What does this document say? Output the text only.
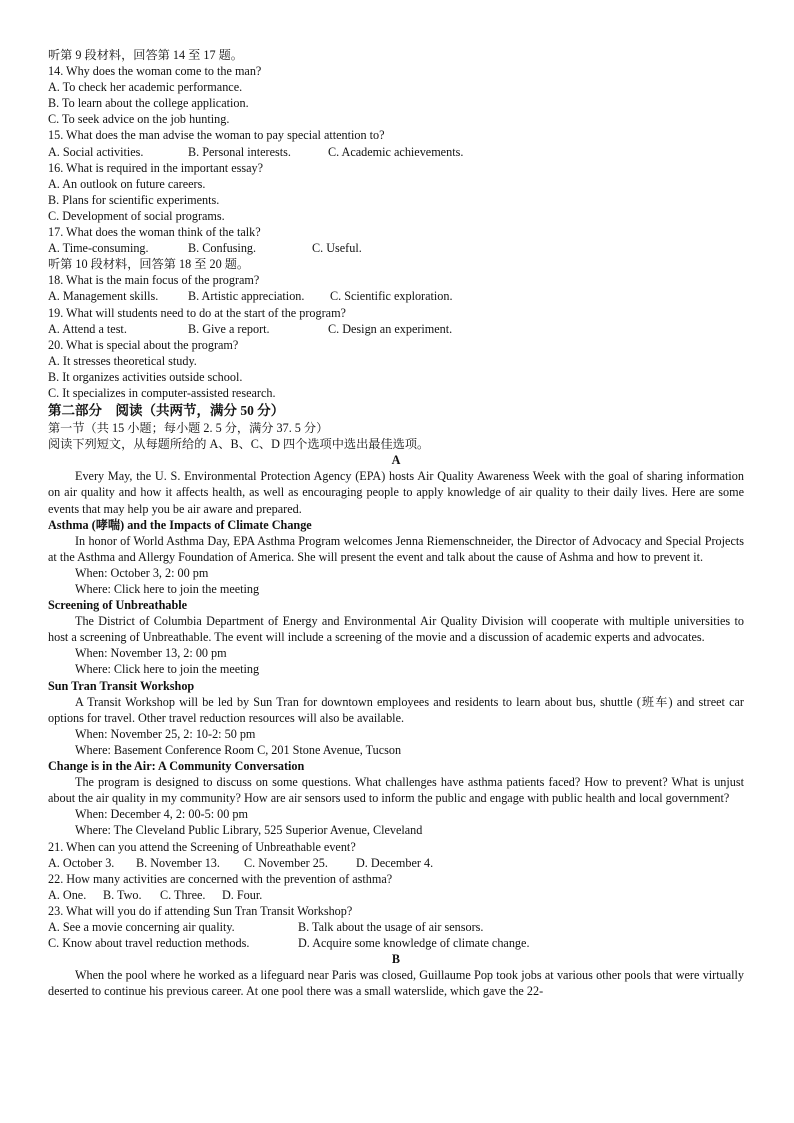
听第 9 段材料，回答第 14 至 17 题。
14. Why does the woman come to the man?
A. To check her academic performance.
B. To learn about the college application.
C. To seek advice on the job hunting.
15. What does the man advise the woman to pay special attention to?
A. Social activities.	B. Personal interests.	C. Academic achievements.
16. What is required in the important essay?
A. An outlook on future careers.
B. Plans for scientific experiments.
C. Development of social programs.
17. What does the woman think of the talk?
A. Time-consuming.	B. Confusing.	C. Useful.
听第 10 段材料，回答第 18 至 20 题。
18. What is the main focus of the program?
A. Management skills.	B. Artistic appreciation.	C. Scientific exploration.
19. What will students need to do at the start of the program?
A. Attend a test.	B. Give a report.	C. Design an experiment.
20. What is special about the program?
A. It stresses theoretical study.
B. It organizes activities outside school.
C. It specializes in computer-assisted research.
第二部分　阅读（共两节，满分 50 分）
第一节（共 15 小题；每小题 2. 5 分，满分 37. 5 分）
阅读下列短文，从每题所给的 A、B、C、D 四个选项中选出最佳选项。
A
Every May, the U. S. Environmental Protection Agency (EPA) hosts Air Quality Awareness Week with the goal of sharing information on air quality and how it affects health, as well as encouraging people to apply knowledge of air quality to their daily lives. Here are some events that may help you be air aware and prepared.
Asthma (哮喘) and the Impacts of Climate Change
In honor of World Asthma Day, EPA Asthma Program welcomes Jenna Riemenschneider, the Director of Advocacy and Special Projects at the Asthma and Allergy Foundation of America. She will present the event and talk about the cause of Ashma and how to prevent it.
When: October 3, 2: 00 pm
Where: Click here to join the meeting
Screening of Unbreathable
The District of Columbia Department of Energy and Environmental Air Quality Division will cooperate with multiple universities to host a screening of Unbreathable. The event will include a screening of the movie and a discussion of academic experts and advocates.
When: November 13, 2: 00 pm
Where: Click here to join the meeting
Sun Tran Transit Workshop
A Transit Workshop will be led by Sun Tran for downtown employees and residents to learn about bus, shuttle (班车) and street car options for travel. Other travel reduction resources will also be available.
When: November 25, 2: 10-2: 50 pm
Where: Basement Conference Room C, 201 Stone Avenue, Tucson
Change is in the Air: A Community Conversation
The program is designed to discuss on some questions. What challenges have asthma patients faced? How to prevent? What is unjust about the air quality in my community? How are air sensors used to inform the public and engage with public health and local government?
When: December 4, 2: 00-5: 00 pm
Where: The Cleveland Public Library, 525 Superior Avenue, Cleveland
21. When can you attend the Screening of Unbreathable event?
A. October 3.	B. November 13.	C. November 25.	D. December 4.
22. How many activities are concerned with the prevention of asthma?
A. One.	B. Two.	C. Three.	D. Four.
23. What will you do if attending Sun Tran Transit Workshop?
A. See a movie concerning air quality.	B. Talk about the usage of air sensors.
C. Know about travel reduction methods.	D. Acquire some knowledge of climate change.
B
When the pool where he worked as a lifeguard near Paris was closed, Guillaume Pop took jobs at various other pools that were virtually deserted to continue his previous career. At one pool there was a small waterslide, which gave the 22-
